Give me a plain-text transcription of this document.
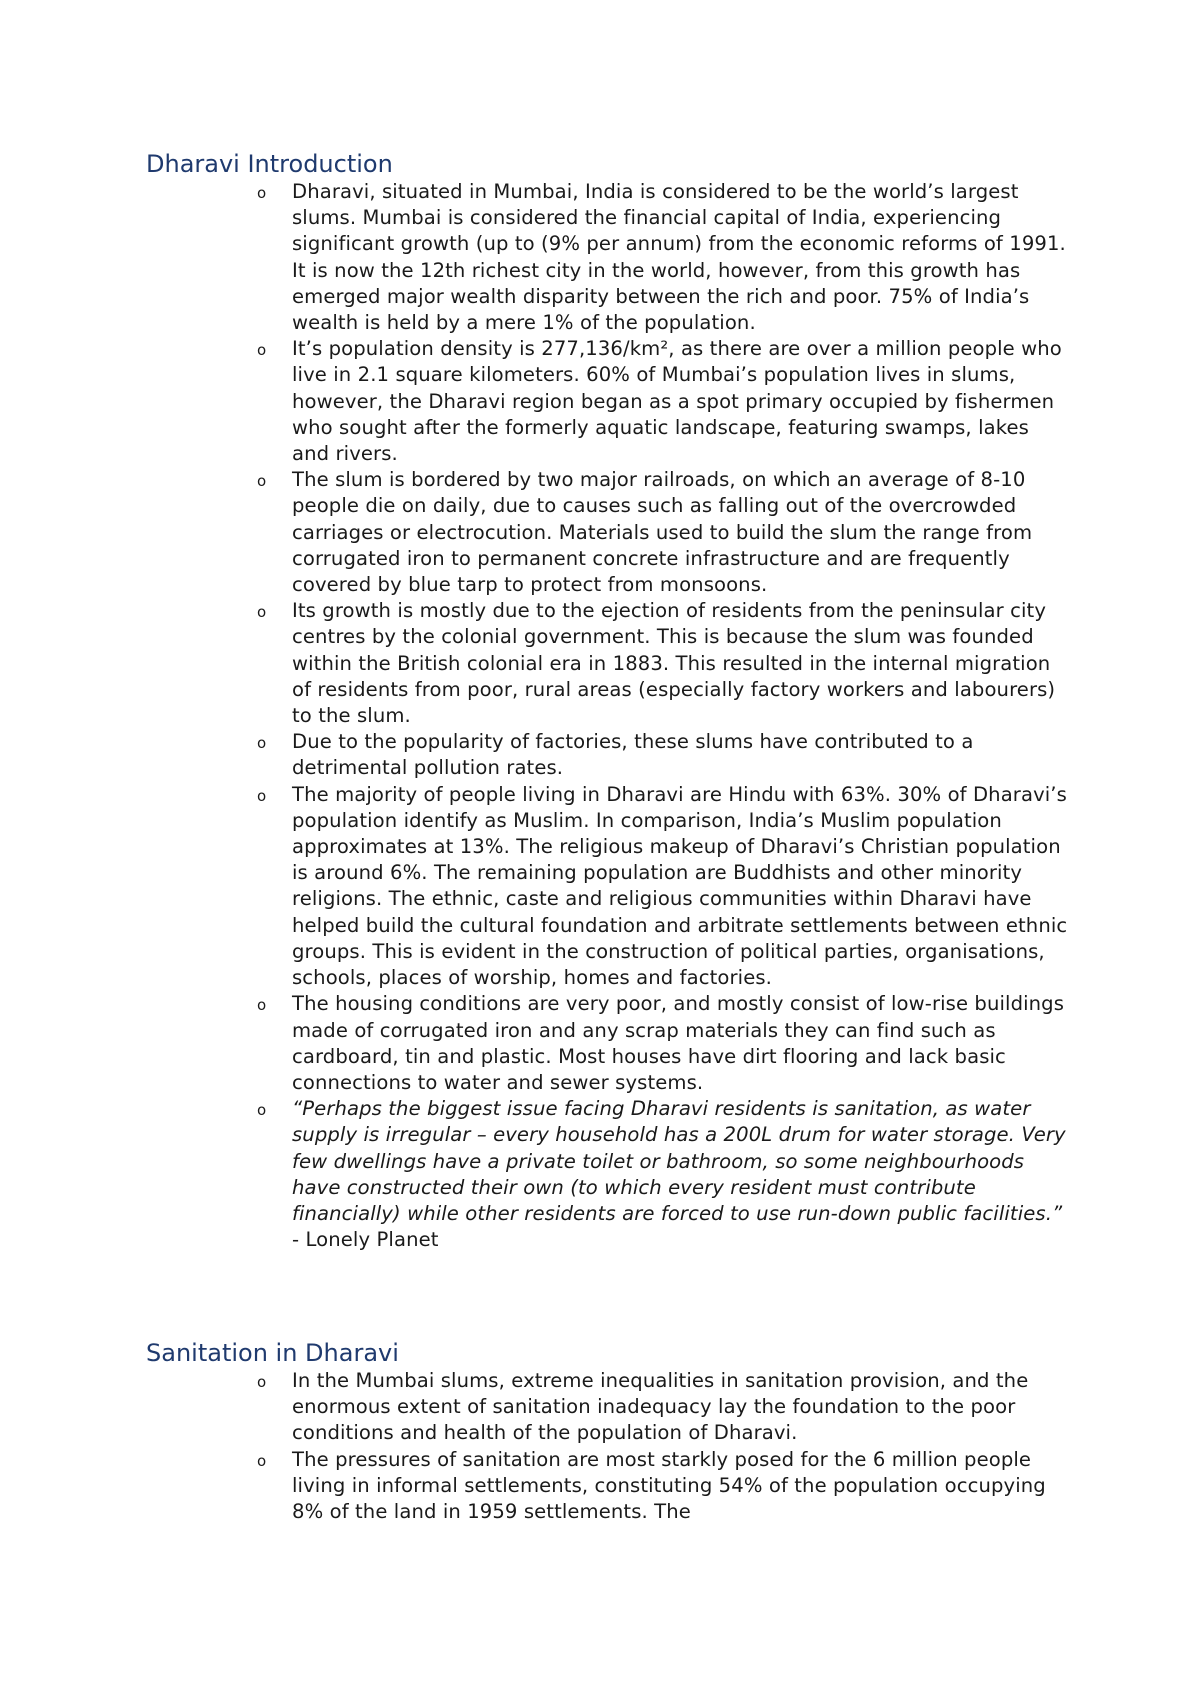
Dharavi Introduction
o Dharavi, situated in Mumbai, India is considered to be the world’s largest slums. Mumbai is considered the financial capital of India, experiencing significant growth (up to (9% per annum) from the economic reforms of 1991. It is now the 12th richest city in the world, however, from this growth has emerged major wealth disparity between the rich and poor. 75% of India’s wealth is held by a mere 1% of the population.
o It’s population density is 277,136/km², as there are over a million people who live in 2.1 square kilometers. 60% of Mumbai’s population lives in slums, however, the Dharavi region began as a spot primary occupied by fishermen who sought after the formerly aquatic landscape, featuring swamps, lakes and rivers.
o The slum is bordered by two major railroads, on which an average of 8-10 people die on daily, due to causes such as falling out of the overcrowded carriages or electrocution. Materials used to build the slum the range from corrugated iron to permanent concrete infrastructure and are frequently covered by blue tarp to protect from monsoons.
o Its growth is mostly due to the ejection of residents from the peninsular city centres by the colonial government. This is because the slum was founded within the British colonial era in 1883. This resulted in the internal migration of residents from poor, rural areas (especially factory workers and labourers) to the slum.
o Due to the popularity of factories, these slums have contributed to a detrimental pollution rates.
o The majority of people living in Dharavi are Hindu with 63%. 30% of Dharavi’s population identify as Muslim. In comparison, India’s Muslim population approximates at 13%. The religious makeup of Dharavi’s Christian population is around 6%. The remaining population are Buddhists and other minority religions. The ethnic, caste and religious communities within Dharavi have helped build the cultural foundation and arbitrate settlements between ethnic groups. This is evident in the construction of political parties, organisations, schools, places of worship, homes and factories.
o The housing conditions are very poor, and mostly consist of low-rise buildings made of corrugated iron and any scrap materials they can find such as cardboard, tin and plastic. Most houses have dirt flooring and lack basic connections to water and sewer systems.
o “Perhaps the biggest issue facing Dharavi residents is sanitation, as water supply is irregular – every household has a 200L drum for water storage. Very few dwellings have a private toilet or bathroom, so some neighbourhoods have constructed their own (to which every resident must contribute financially) while other residents are forced to use run-down public facilities.” - Lonely Planet
Sanitation in Dharavi
o In the Mumbai slums, extreme inequalities in sanitation provision, and the enormous extent of sanitation inadequacy lay the foundation to the poor conditions and health of the population of Dharavi.
o The pressures of sanitation are most starkly posed for the 6 million people living in informal settlements, constituting 54% of the population occupying 8% of the land in 1959 settlements. The
